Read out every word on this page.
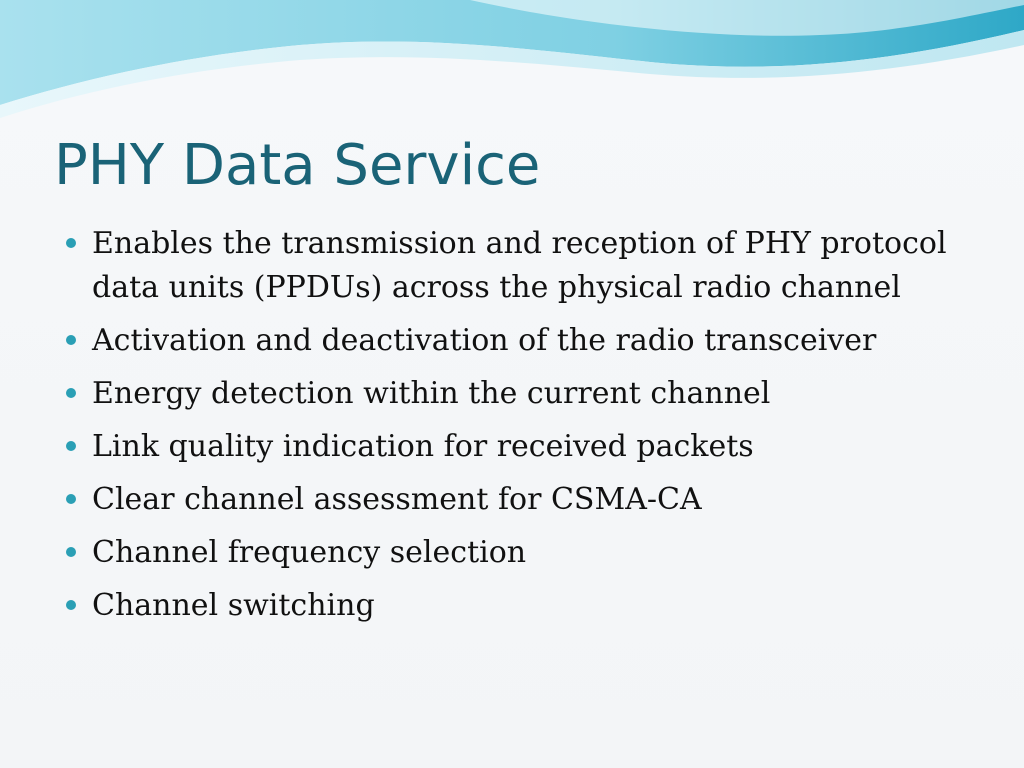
PHY Data Service
Enables the transmission and reception of PHY protocol data units (PPDUs) across the physical radio channel
Activation and deactivation of the radio transceiver
Energy detection within the current channel
Link quality indication for received packets
Clear channel assessment for CSMA-CA
Channel frequency selection
Channel switching
